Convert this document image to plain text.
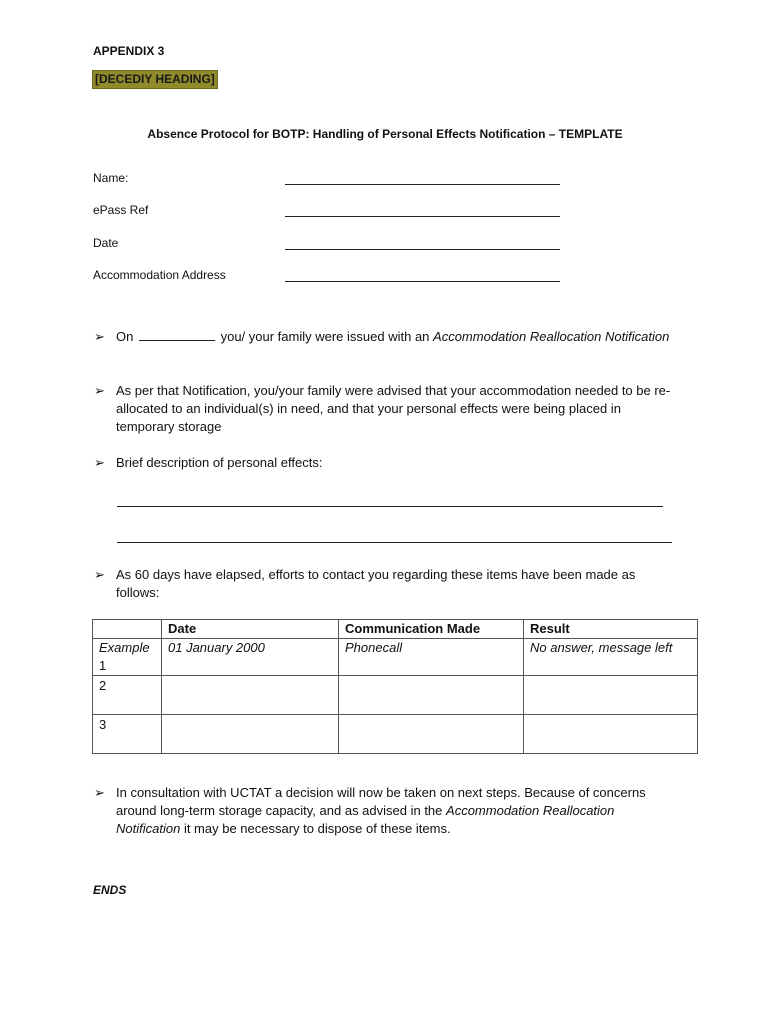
APPENDIX 3
[DECEDIY HEADING]
Absence Protocol for BOTP: Handling of Personal Effects Notification – TEMPLATE
Name:
ePass Ref
Date
Accommodation Address
➢ On	you/ your family were issued with an Accommodation Reallocation Notification
➢ As per that Notification, you/your family were advised that your accommodation needed to be re-allocated to an individual(s) in need, and that your personal effects were being placed in temporary storage
➢ Brief description of personal effects:
➢ As 60 days have elapsed, efforts to contact you regarding these items have been made as follows:
	Date	Communication Made	Result

Example
1	01 January 2000	Phonecall	No answer, message left

2			
3			
➢ In consultation with UCTAT a decision will now be taken on next steps. Because of concerns around long-term storage capacity, and as advised in the Accommodation Reallocation Notification it may be necessary to dispose of these items.
ENDS
